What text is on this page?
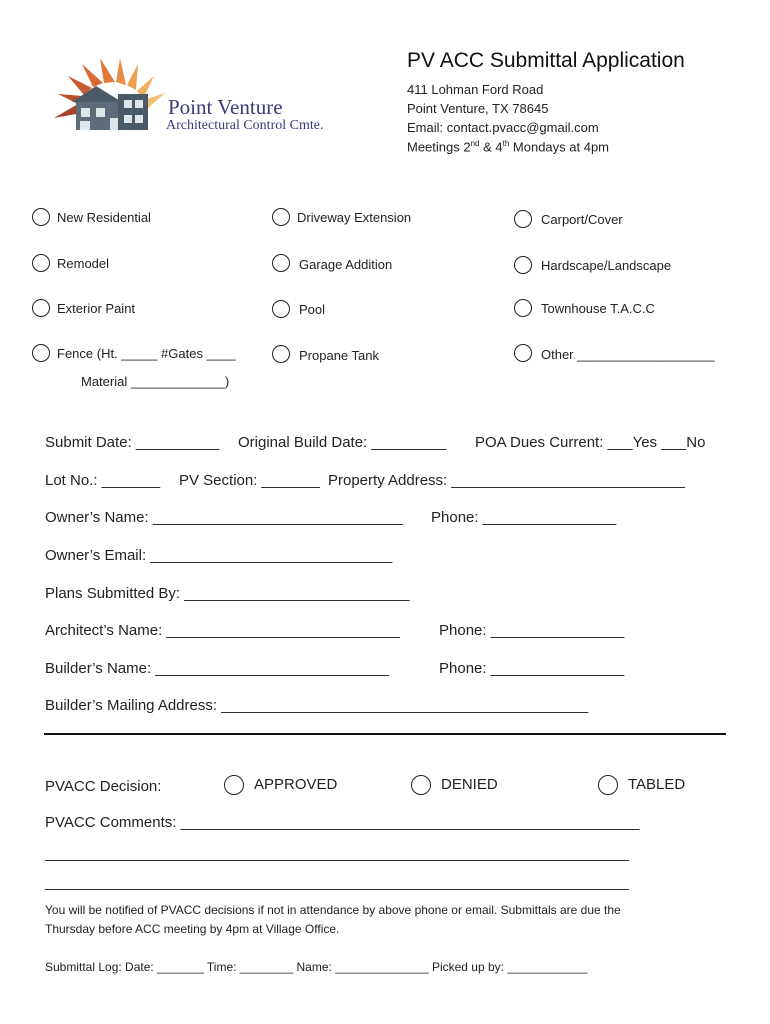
Point Venture
Architectural Control Cmte.
PV ACC Submittal Application
411 Lohman Ford Road
Point Venture, TX 78645
Email: contact.pvacc@gmail.com
Meetings 2nd & 4th Mondays at 4pm
New Residential
Remodel
Exterior Paint
Fence (Ht. _____ #Gates ____
Material _____________)
Driveway Extension
Garage Addition
Pool
Propane Tank
Carport/Cover
Hardscape/Landscape
Townhouse T.A.C.C
Other ___________________
Submit Date: __________ Original Build Date: _________ POA Dues Current: ___Yes ___No
Lot No.: _______ PV Section: _______ Property Address: ____________________________
Owner’s Name: ______________________________ Phone: ________________
Owner’s Email: _____________________________
Plans Submitted By: ___________________________
Architect’s Name: ____________________________	Phone: ________________
Builder’s Name: ____________________________	Phone: ________________
Builder’s Mailing Address: ____________________________________________
PVACC Decision:	APPROVED	DENIED	TABLED
PVACC Comments: _______________________________________________________
______________________________________________________________________
______________________________________________________________________
You will be notified of PVACC decisions if not in attendance by above phone or email. Submittals are due the
Thursday before ACC meeting by 4pm at Village Office.
Submittal Log: Date: _______ Time: ________ Name: ______________ Picked up by: ____________
